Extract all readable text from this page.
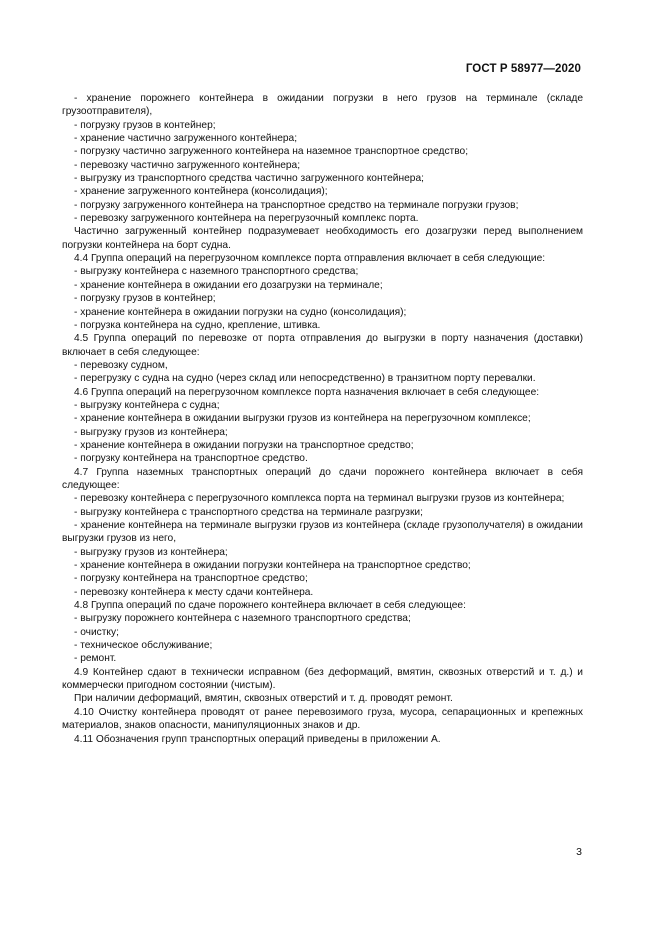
ГОСТ Р 58977—2020

- хранение порожнего контейнера в ожидании погрузки в него грузов на терминале (складе грузоотправителя),

- погрузку грузов в контейнер;

- хранение частично загруженного контейнера;

- погрузку частично загруженного контейнера на наземное транспортное средство;

- перевозку частично загруженного контейнера;

- выгрузку из транспортного средства частично загруженного контейнера;

- хранение загруженного контейнера (консолидация);

- погрузку загруженного контейнера на транспортное средство на терминале погрузки грузов;

- перевозку загруженного контейнера на перегрузочный комплекс порта.

Частично загруженный контейнер подразумевает необходимость его дозагрузки перед выполнением погрузки контейнера на борт судна.

4.4 Группа операций на перегрузочном комплексе порта отправления включает в себя следующие:

- выгрузку контейнера с наземного транспортного средства;

- хранение контейнера в ожидании его дозагрузки на терминале;

- погрузку грузов в контейнер;

- хранение контейнера в ожидании погрузки на судно (консолидация);

- погрузка контейнера на судно, крепление, штивка.

4.5 Группа операций по перевозке от порта отправления до выгрузки в порту назначения (доставки) включает в себя следующее:

- перевозку судном,

- перегрузку с судна на судно (через склад или непосредственно) в транзитном порту перевалки.

4.6 Группа операций на перегрузочном комплексе порта назначения включает в себя следующее:

- выгрузку контейнера с судна;

- хранение контейнера в ожидании выгрузки грузов из контейнера на перегрузочном комплексе;

- выгрузку грузов из контейнера;

- хранение контейнера в ожидании погрузки на транспортное средство;

- погрузку контейнера на транспортное средство.

4.7 Группа наземных транспортных операций до сдачи порожнего контейнера включает в себя следующее:

- перевозку контейнера с перегрузочного комплекса порта на терминал выгрузки грузов из контейнера;

- выгрузку контейнера с транспортного средства на терминале разгрузки;

- хранение контейнера на терминале выгрузки грузов из контейнера (складе грузополучателя) в ожидании выгрузки грузов из него,

- выгрузку грузов из контейнера;

- хранение контейнера в ожидании погрузки контейнера на транспортное средство;

- погрузку контейнера на транспортное средство;

- перевозку контейнера к месту сдачи контейнера.

4.8 Группа операций по сдаче порожнего контейнера включает в себя следующее:

- выгрузку порожнего контейнера с наземного транспортного средства;

- очистку;

- техническое обслуживание;

- ремонт.

4.9 Контейнер сдают в технически исправном (без деформаций, вмятин, сквозных отверстий и т. д.) и коммерчески пригодном состоянии (чистым).

При наличии деформаций, вмятин, сквозных отверстий и т. д. проводят ремонт.

4.10 Очистку контейнера проводят от ранее перевозимого груза, мусора, сепарационных и крепежных материалов, знаков опасности, манипуляционных знаков и др.

4.11 Обозначения групп транспортных операций приведены в приложении А.

3
